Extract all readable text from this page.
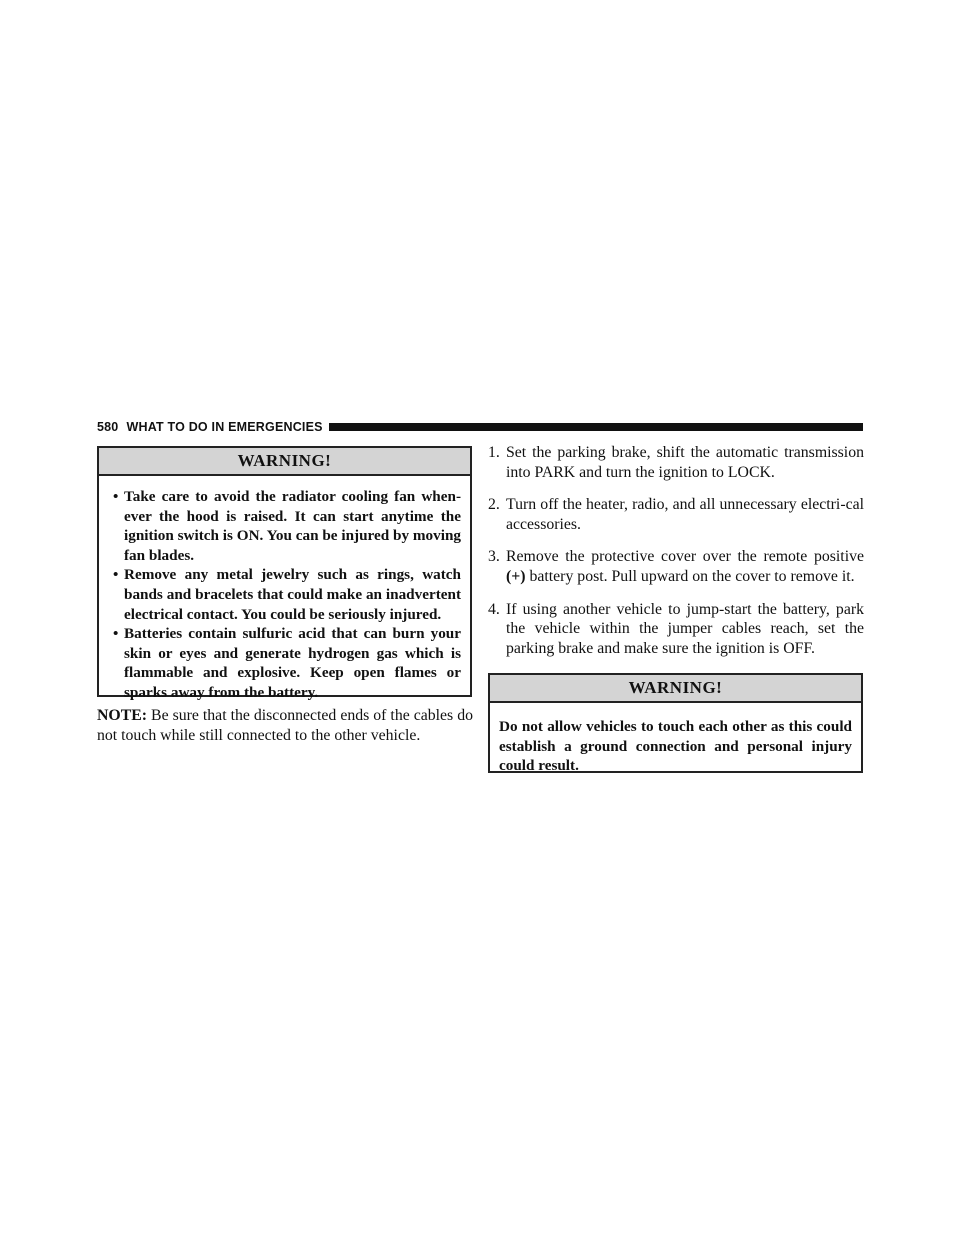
580 WHAT TO DO IN EMERGENCIES
WARNING!
• Take care to avoid the radiator cooling fan when-ever the hood is raised. It can start anytime the ignition switch is ON. You can be injured by moving fan blades.
• Remove any metal jewelry such as rings, watch bands and bracelets that could make an inadvertent electrical contact. You could be seriously injured.
• Batteries contain sulfuric acid that can burn your skin or eyes and generate hydrogen gas which is flammable and explosive. Keep open flames or sparks away from the battery.
NOTE: Be sure that the disconnected ends of the cables do not touch while still connected to the other vehicle.
1. Set the parking brake, shift the automatic transmission into PARK and turn the ignition to LOCK.
2. Turn off the heater, radio, and all unnecessary electri-cal accessories.
3. Remove the protective cover over the remote positive (+) battery post. Pull upward on the cover to remove it.
4. If using another vehicle to jump-start the battery, park the vehicle within the jumper cables reach, set the parking brake and make sure the ignition is OFF.
WARNING!
Do not allow vehicles to touch each other as this could establish a ground connection and personal injury could result.
